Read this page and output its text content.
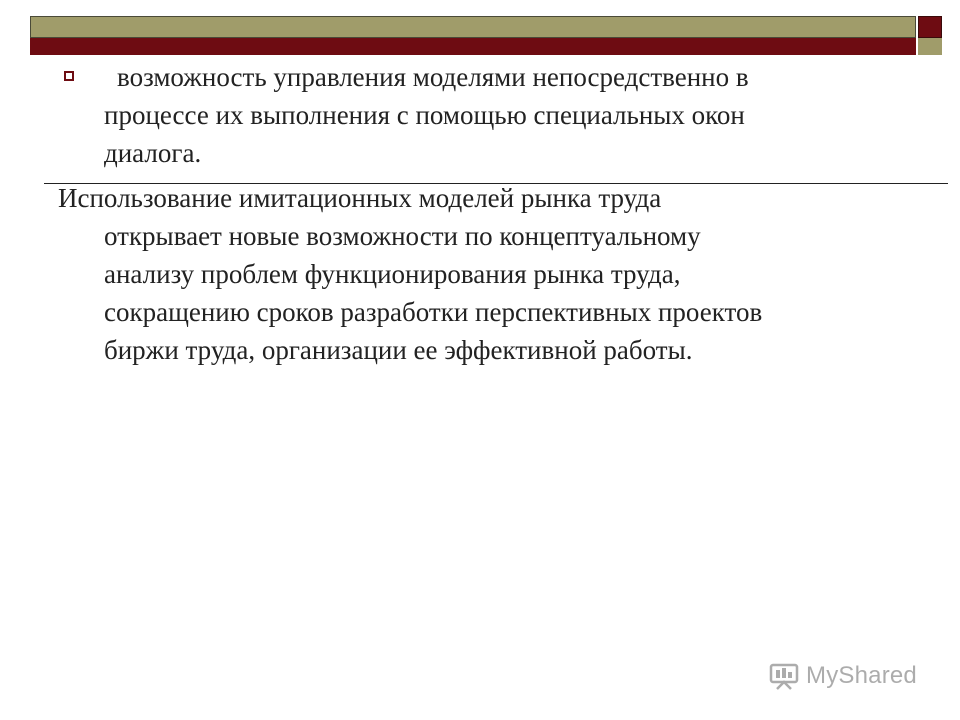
возможность управления моделями непосредственно в
процессе их выполнения с помощью специальных окон
диалога.

Использование имитационных моделей рынка труда
открывает новые возможности по концептуальному
анализу проблем функционирования рынка труда,
сокращению сроков разработки перспективных проектов
биржи труда, организации ее эффективной работы.

MyShared
